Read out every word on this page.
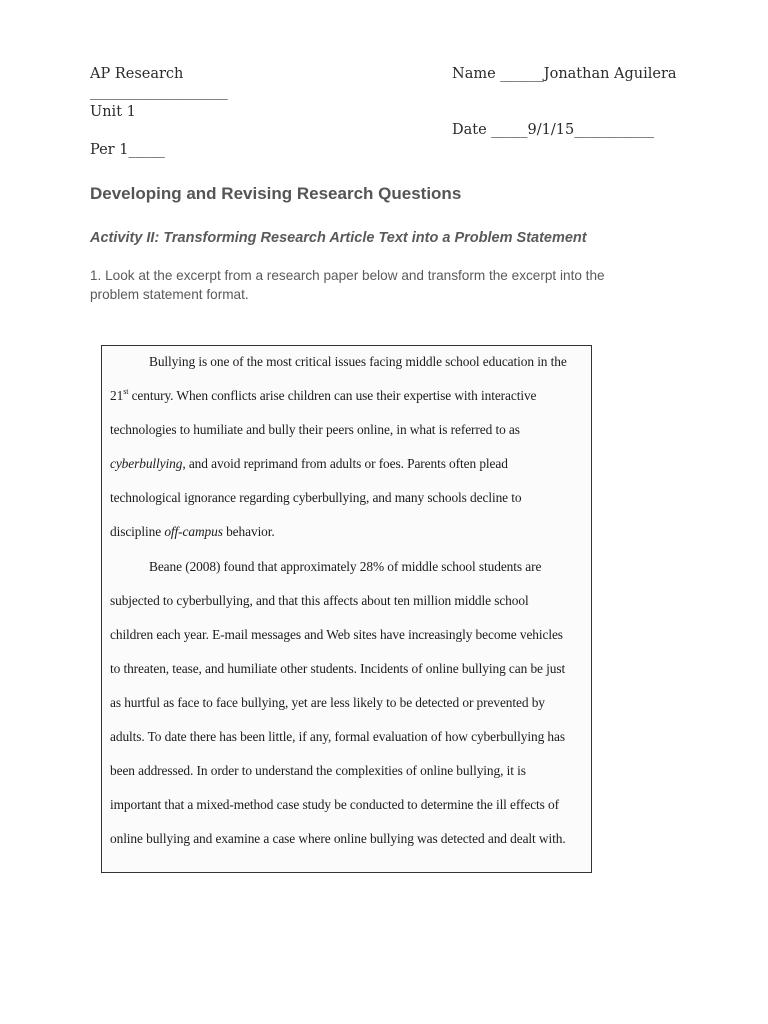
AP Research
___________________
Unit 1
Per 1_____
Name ______Jonathan Aguilera
Date _____9/1/15___________
Developing and Revising Research Questions
Activity II: Transforming Research Article Text into a Problem Statement
1. Look at the excerpt from a research paper below and transform the excerpt into the problem statement format.
Bullying is one of the most critical issues facing middle school education in the
21st century. When conflicts arise children can use their expertise with interactive
technologies to humiliate and bully their peers online, in what is referred to as
cyberbullying, and avoid reprimand from adults or foes. Parents often plead
technological ignorance regarding cyberbullying, and many schools decline to
discipline off-campus behavior.
Beane (2008) found that approximately 28% of middle school students are
subjected to cyberbullying, and that this affects about ten million middle school
children each year. E-mail messages and Web sites have increasingly become vehicles
to threaten, tease, and humiliate other students. Incidents of online bullying can be just
as hurtful as face to face bullying, yet are less likely to be detected or prevented by
adults. To date there has been little, if any, formal evaluation of how cyberbullying has
been addressed. In order to understand the complexities of online bullying, it is
important that a mixed-method case study be conducted to determine the ill effects of
online bullying and examine a case where online bullying was detected and dealt with.
